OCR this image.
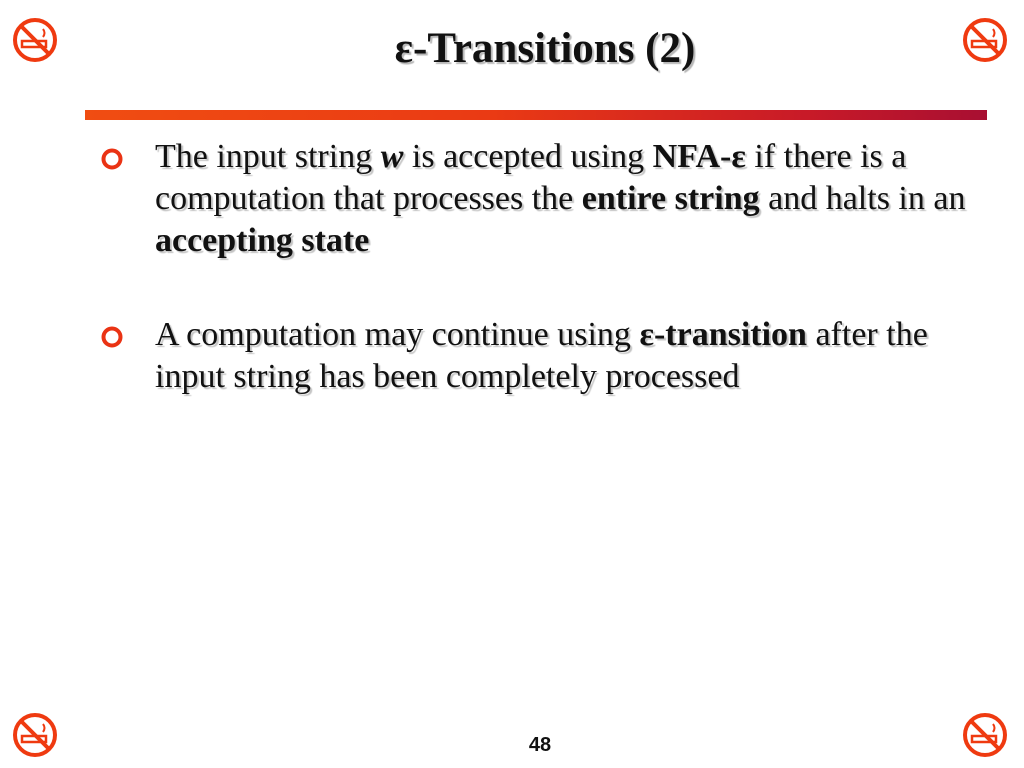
ε-Transitions (2)
The input string w is accepted using NFA-ε if there is a computation that processes the entire string and halts in an accepting state
A computation may continue using ε-transition after the input string has been completely processed
48
